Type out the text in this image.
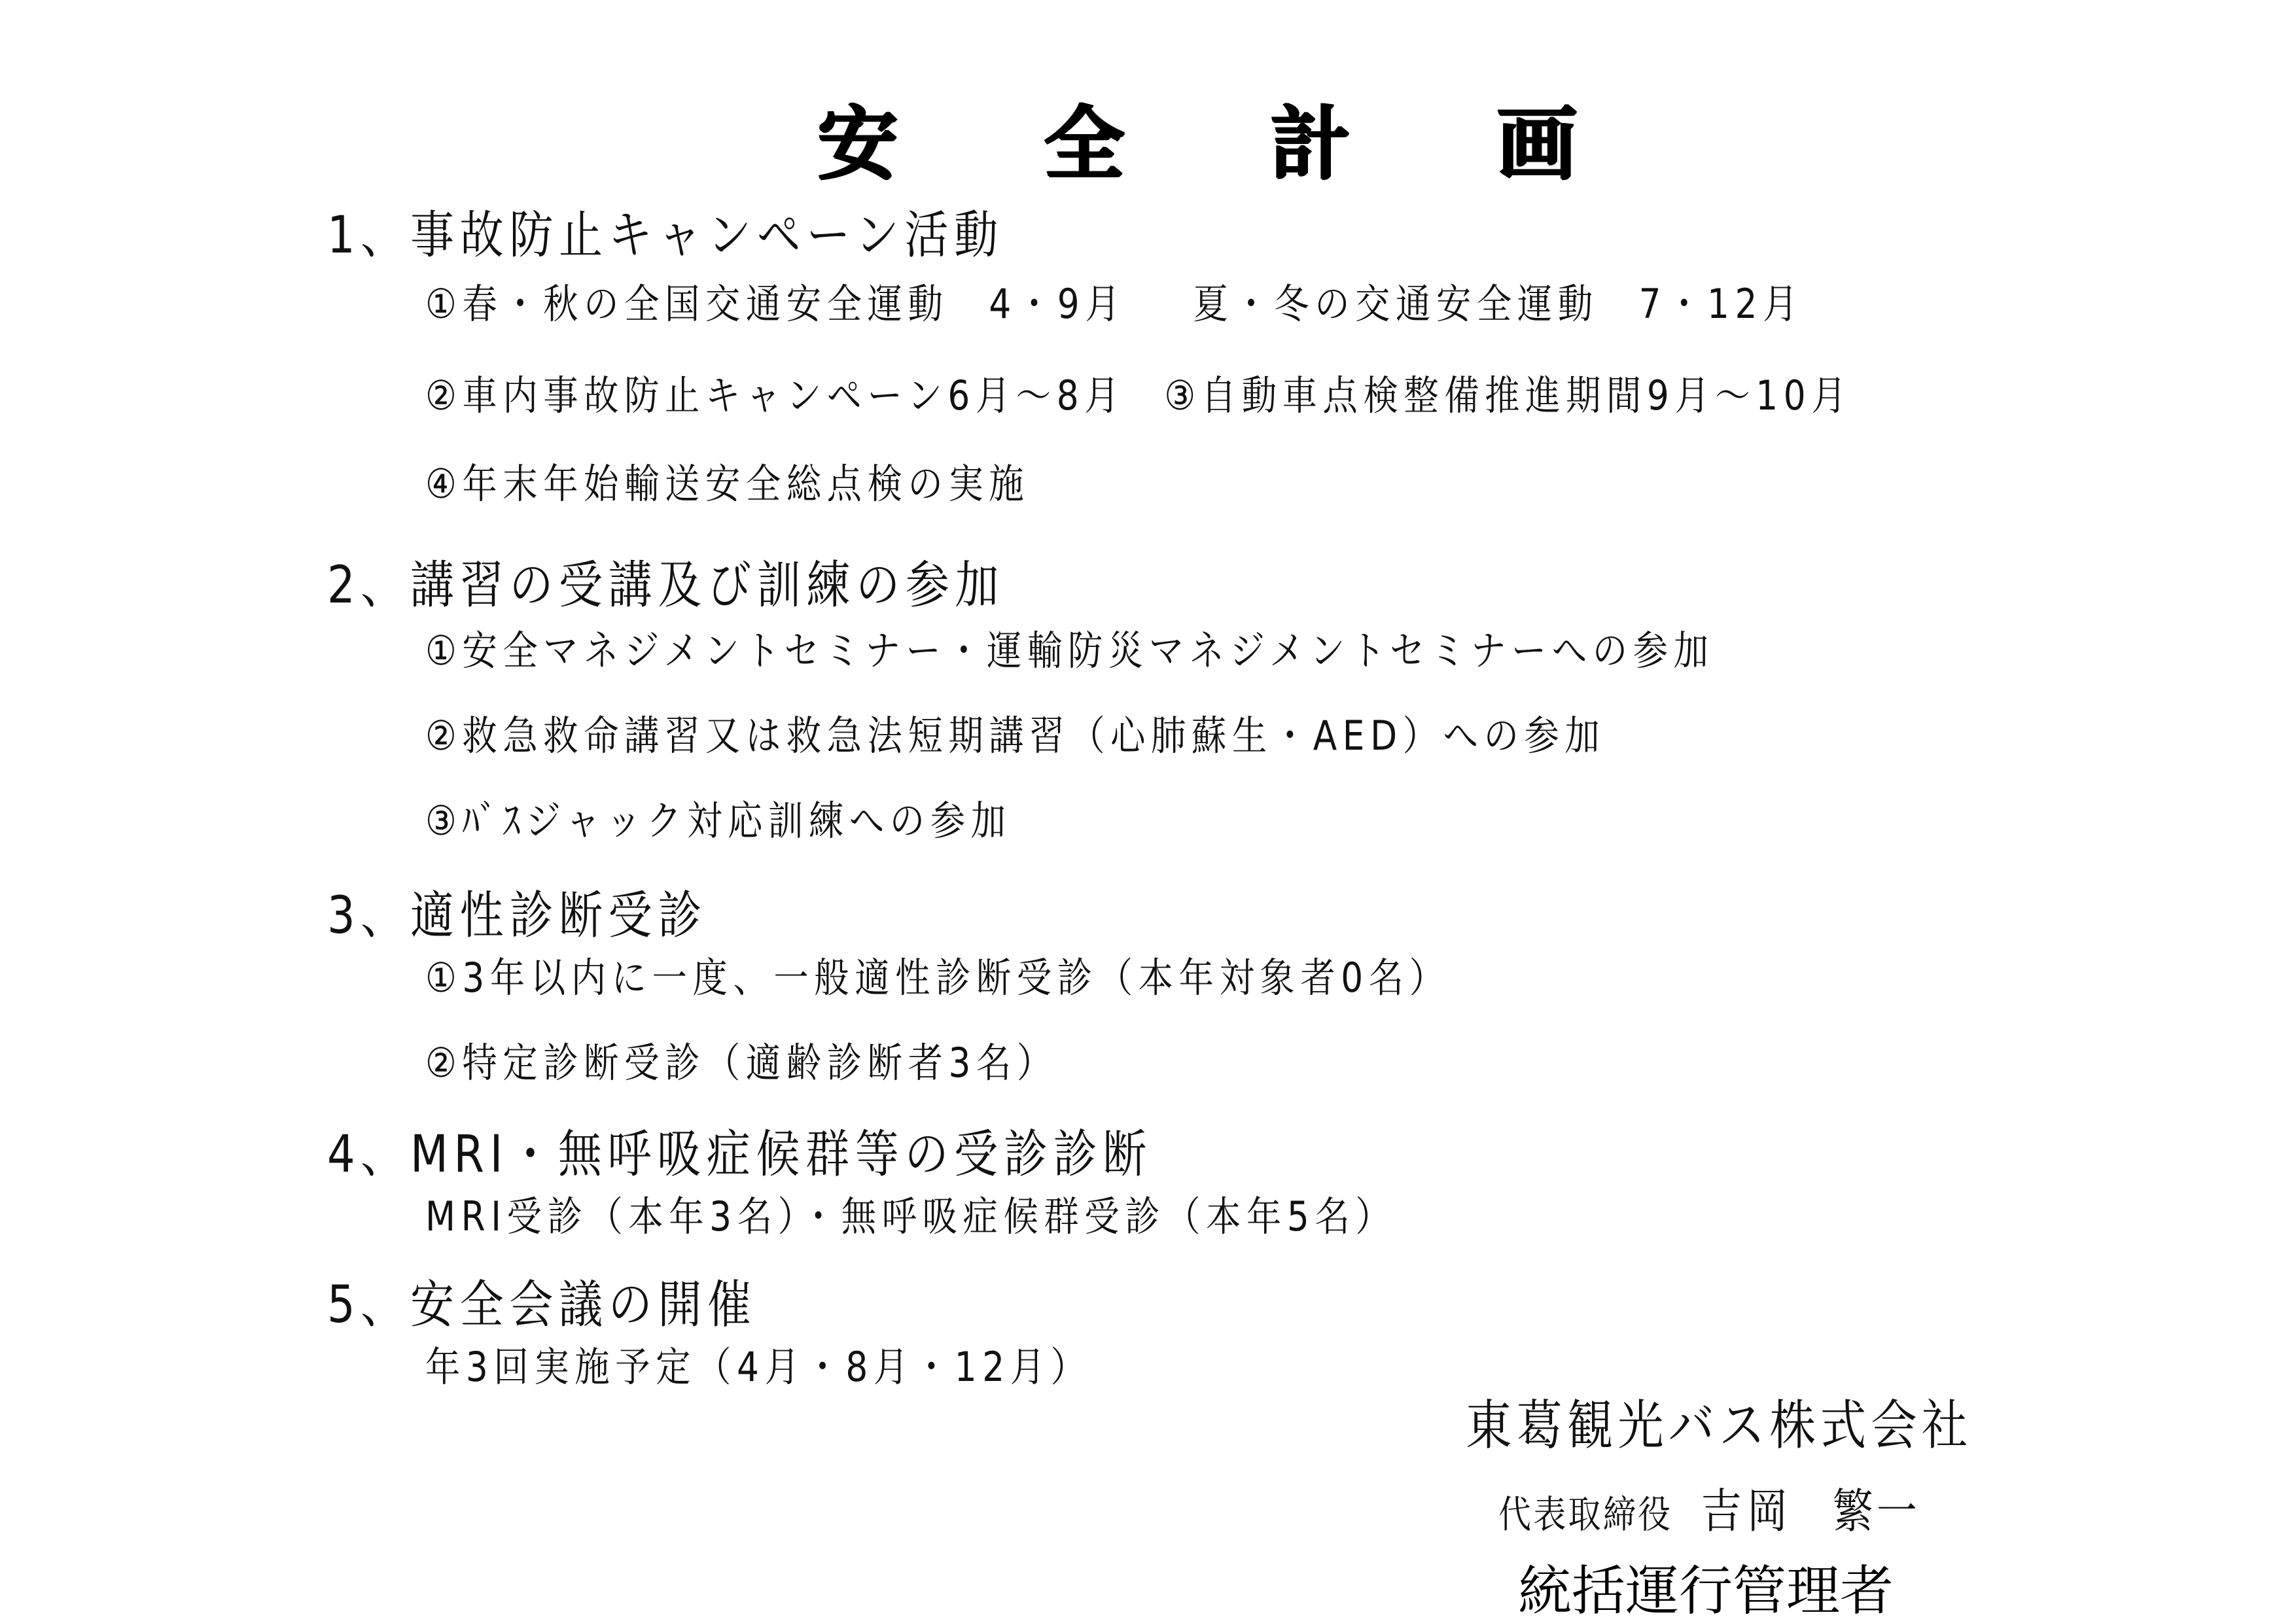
安 全 計 画
1、事故防止キャンペーン活動
①春・秋の全国交通安全運動　4・9月 夏・冬の交通安全運動　7・12月
②車内事故防止キャンペーン6月～8月 ③自動車点検整備推進期間9月～10月
④年末年始輸送安全総点検の実施
2、講習の受講及び訓練の参加
①安全マネジメントセミナー・運輸防災マネジメントセミナーへの参加
②救急救命講習又は救急法短期講習（心肺蘇生・AED）への参加
③ﾊﾞｽジャック対応訓練への参加
3、適性診断受診
①3年以内に一度、一般適性診断受診（本年対象者0名）
②特定診断受診（適齢診断者3名）
4、MRI・無呼吸症候群等の受診診断
MRI受診（本年3名）・無呼吸症候群受診（本年5名）
5、安全会議の開催
年3回実施予定（4月・8月・12月）
東葛観光バス株式会社
代表取締役 吉岡 繁一
統括運行管理者
